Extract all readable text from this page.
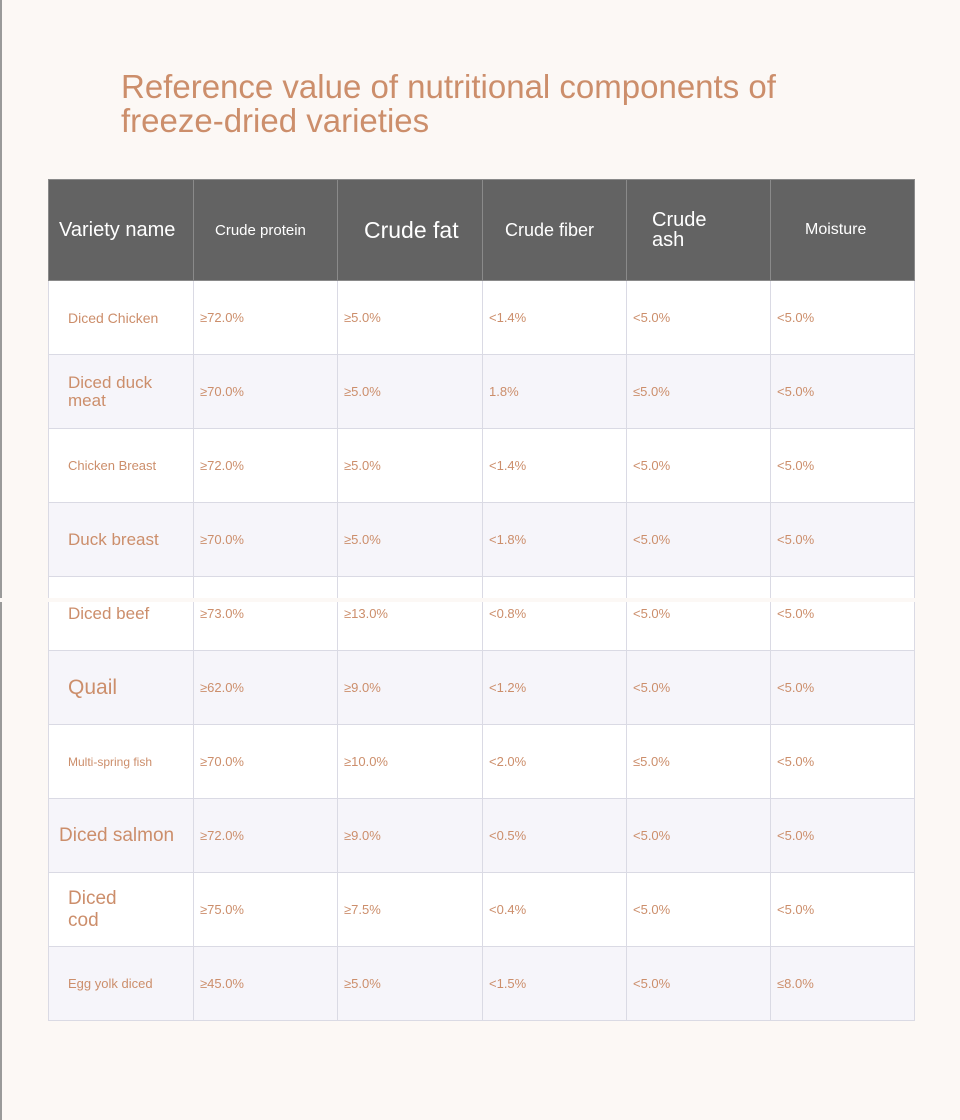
Reference value of nutritional components of freeze-dried varieties
Variety name	Crude protein	Crude fat	Crude fiber	Crude ash	Moisture
Diced Chicken	≥72.0%	≥5.0%	<1.4%	<5.0%	<5.0%

Diced duck meat	≥70.0%	≥5.0%	1.8%	≤5.0%	<5.0%
Chicken Breast	≥72.0%	≥5.0%	<1.4%	<5.0%	<5.0%
Duck breast	≥70.0%	≥5.0%	<1.8%	<5.0%	<5.0%
Diced beef	≥73.0%	≥13.0%	<0.8%	<5.0%	<5.0%
Quail	≥62.0%	≥9.0%	<1.2%	<5.0%	<5.0%
Multi-spring fish	≥70.0%	≥10.0%	<2.0%	≤5.0%	<5.0%
Diced salmon	≥72.0%	≥9.0%	<0.5%	<5.0%	<5.0%

Diced cod	≥75.0%	≥7.5%	<0.4%	<5.0%	<5.0%
Egg yolk diced	≥45.0%	≥5.0%	<1.5%	<5.0%	≤8.0%
